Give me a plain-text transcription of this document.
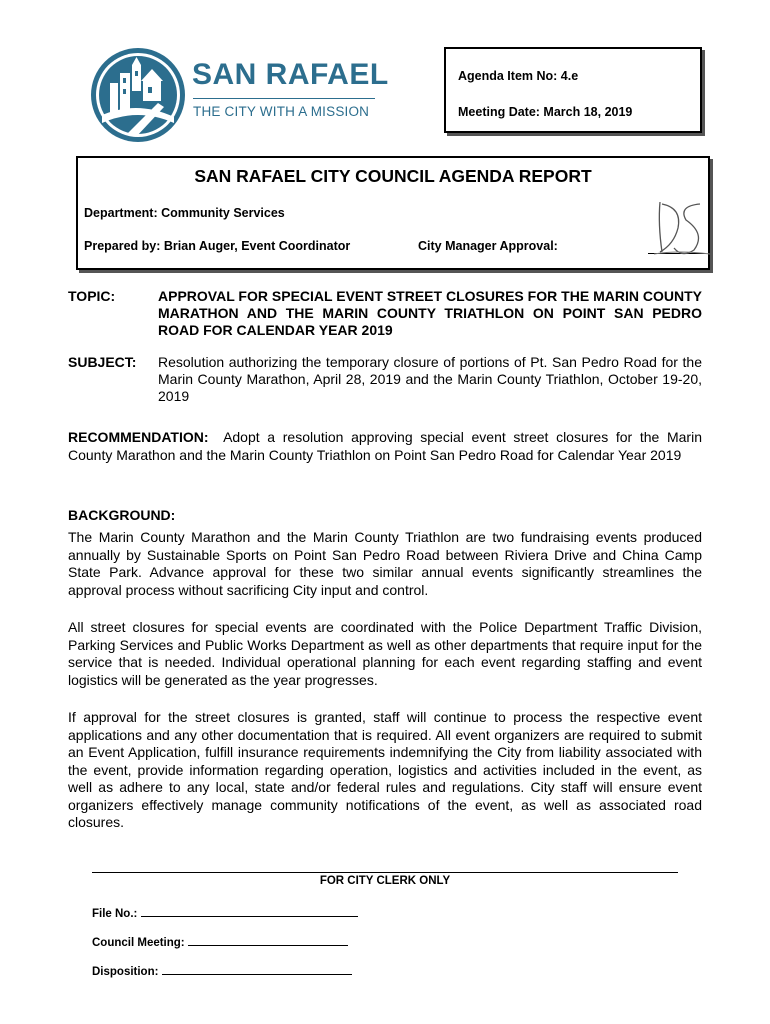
SAN RAFAEL
THE CITY WITH A MISSION
Agenda Item No: 4.e
Meeting Date: March 18, 2019
SAN RAFAEL CITY COUNCIL AGENDA REPORT
Department: Community Services
Prepared by: Brian Auger, Event Coordinator	City Manager Approval:
TOPIC:	APPROVAL FOR SPECIAL EVENT STREET CLOSURES FOR THE MARIN COUNTY MARATHON AND THE MARIN COUNTY TRIATHLON ON POINT SAN PEDRO ROAD FOR CALENDAR YEAR 2019
SUBJECT: Resolution authorizing the temporary closure of portions of Pt. San Pedro Road for the Marin County Marathon, April 28, 2019 and the Marin County Triathlon, October 19-20, 2019
RECOMMENDATION: Adopt a resolution approving special event street closures for the Marin County Marathon and the Marin County Triathlon on Point San Pedro Road for Calendar Year 2019
BACKGROUND:
The Marin County Marathon and the Marin County Triathlon are two fundraising events produced annually by Sustainable Sports on Point San Pedro Road between Riviera Drive and China Camp State Park. Advance approval for these two similar annual events significantly streamlines the approval process without sacrificing City input and control.
All street closures for special events are coordinated with the Police Department Traffic Division, Parking Services and Public Works Department as well as other departments that require input for the service that is needed. Individual operational planning for each event regarding staffing and event logistics will be generated as the year progresses.
If approval for the street closures is granted, staff will continue to process the respective event applications and any other documentation that is required. All event organizers are required to submit an Event Application, fulfill insurance requirements indemnifying the City from liability associated with the event, provide information regarding operation, logistics and activities included in the event, as well as adhere to any local, state and/or federal rules and regulations. City staff will ensure event organizers effectively manage community notifications of the event, as well as associated road closures.
FOR CITY CLERK ONLY
File No.:
Council Meeting:
Disposition:
